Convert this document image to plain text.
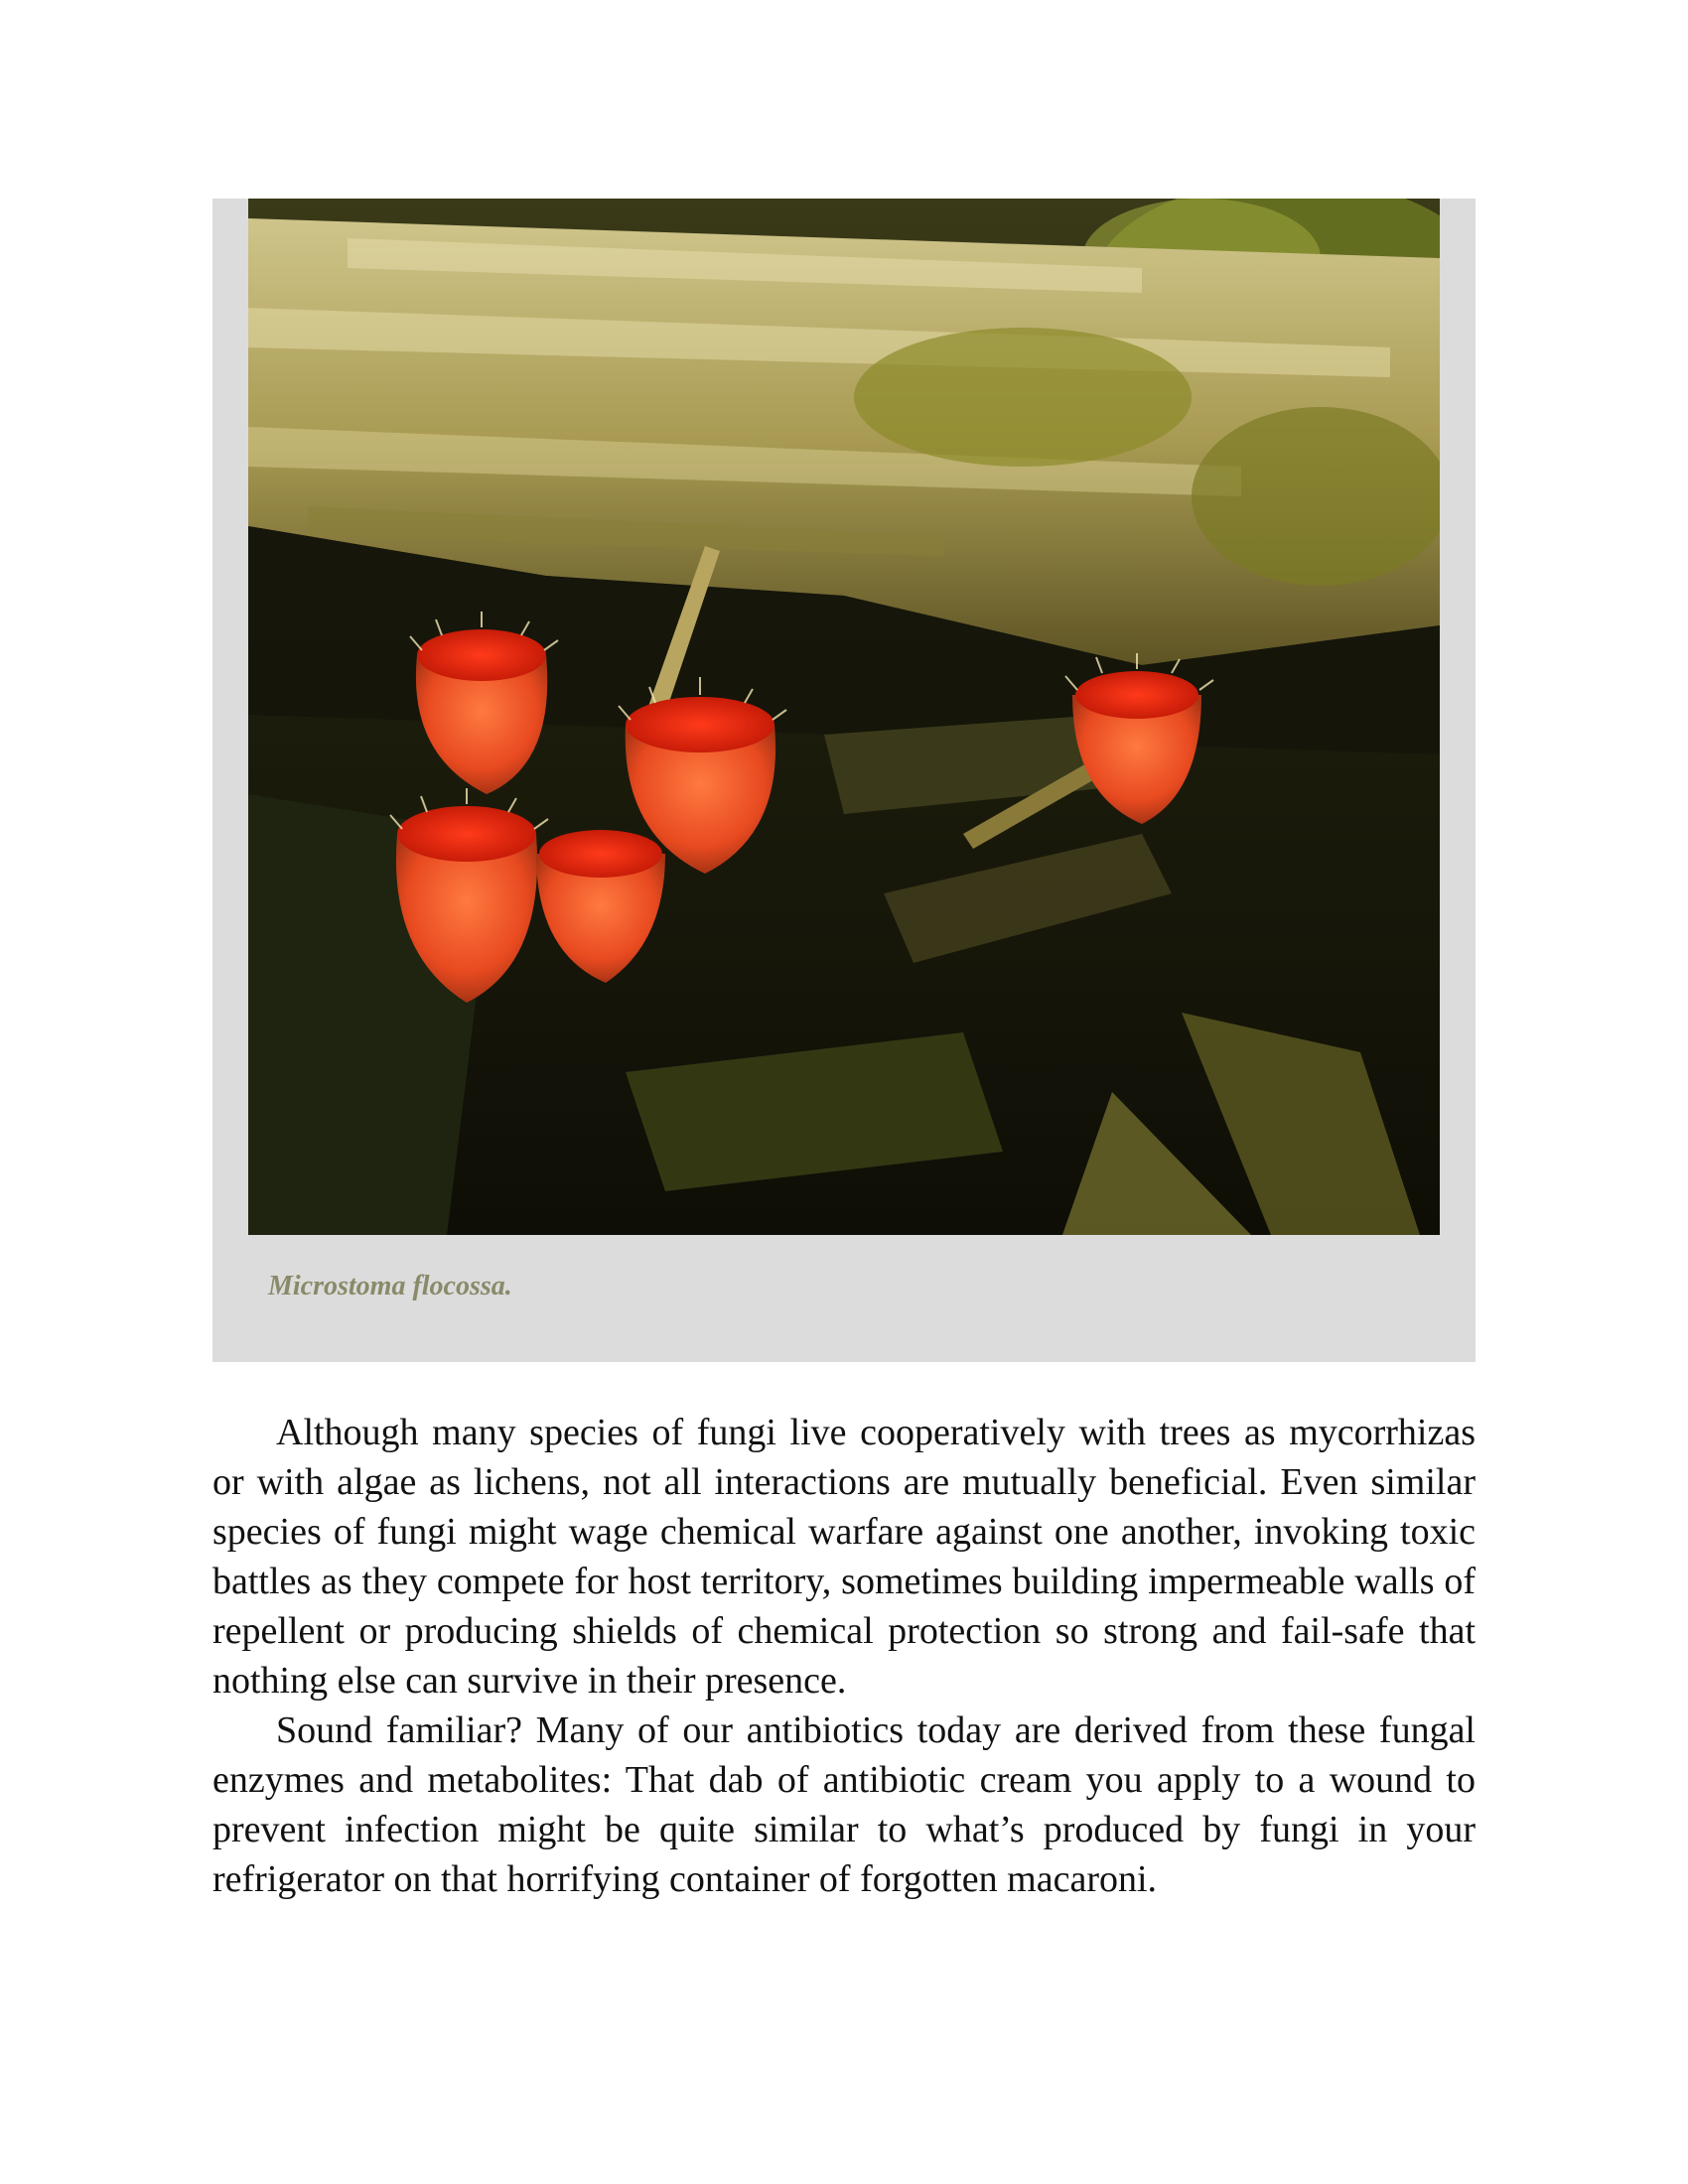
Microstoma flocossa.

Although many species of fungi live cooperatively with trees as mycorrhizas or with algae as lichens, not all interactions are mutually beneficial. Even similar species of fungi might wage chemical warfare against one another, invoking toxic battles as they compete for host territory, sometimes building impermeable walls of repellent or producing shields of chemical protection so strong and fail-safe that nothing else can survive in their presence.

Sound familiar? Many of our antibiotics today are derived from these fungal enzymes and metabolites: That dab of antibiotic cream you apply to a wound to prevent infection might be quite similar to what’s produced by fungi in your refrigerator on that horrifying container of forgotten macaroni.
